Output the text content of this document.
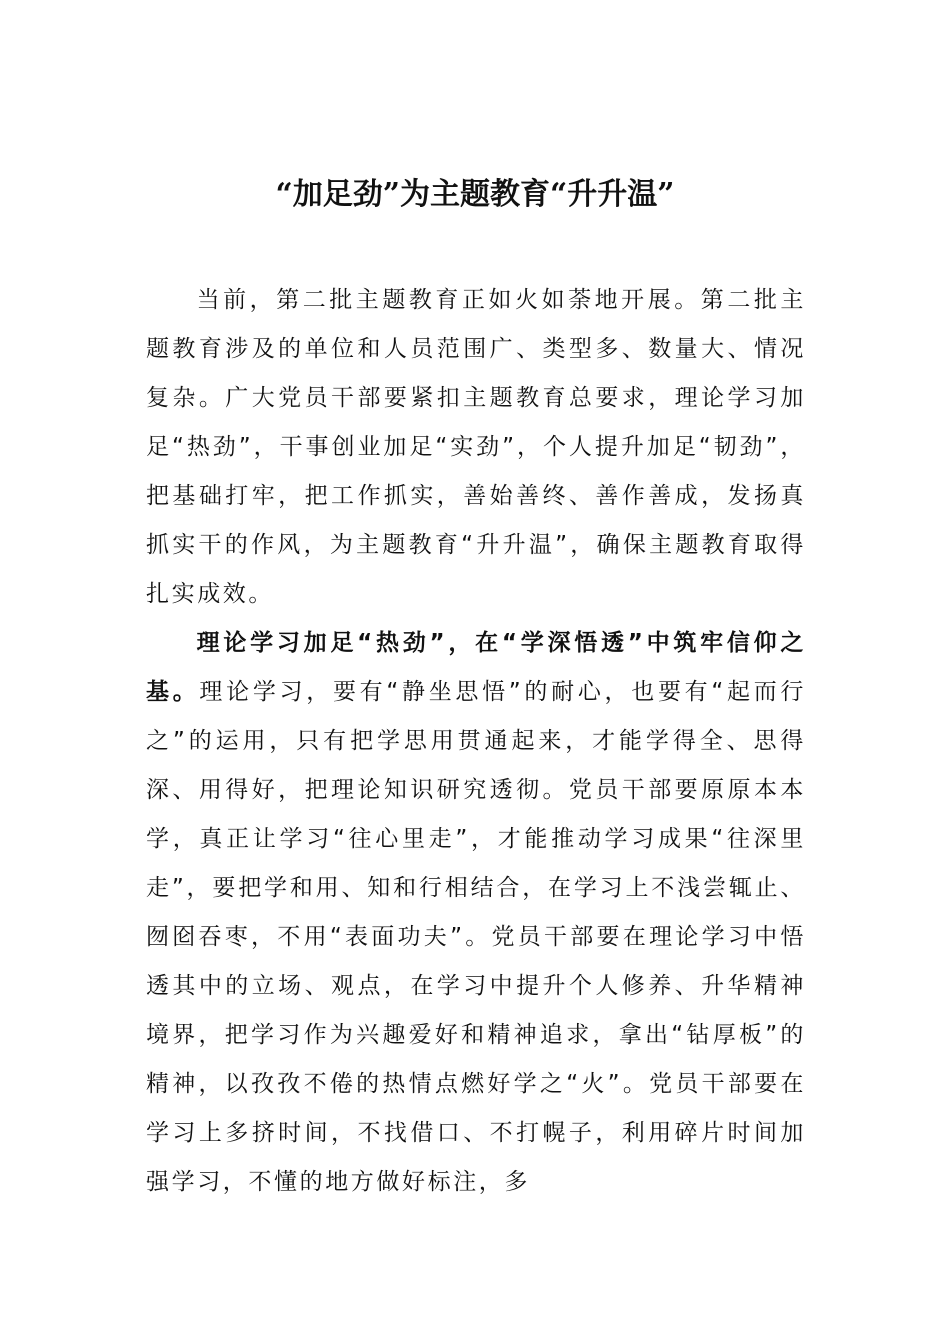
“加足劲”为主题教育“升升温”

当前，第二批主题教育正如火如荼地开展。第二批主题教育涉及的单位和人员范围广、类型多、数量大、情况复杂。广大党员干部要紧扣主题教育总要求，理论学习加足“热劲”，干事创业加足“实劲”，个人提升加足“韧劲”，把基础打牢，把工作抓实，善始善终、善作善成，发扬真抓实干的作风，为主题教育“升升温”，确保主题教育取得扎实成效。

理论学习加足“热劲”，在“学深悟透”中筑牢信仰之基。理论学习，要有“静坐思悟”的耐心，也要有“起而行之”的运用，只有把学思用贯通起来，才能学得全、思得深、用得好，把理论知识研究透彻。党员干部要原原本本学，真正让学习“往心里走”，才能推动学习成果“往深里走”，要把学和用、知和行相结合，在学习上不浅尝辄止、囫囵吞枣，不用“表面功夫”。党员干部要在理论学习中悟透其中的立场、观点，在学习中提升个人修养、升华精神境界，把学习作为兴趣爱好和精神追求，拿出“钻厚板”的精神，以孜孜不倦的热情点燃好学之“火”。党员干部要在学习上多挤时间，不找借口、不打幌子，利用碎片时间加强学习，不懂的地方做好标注，多
